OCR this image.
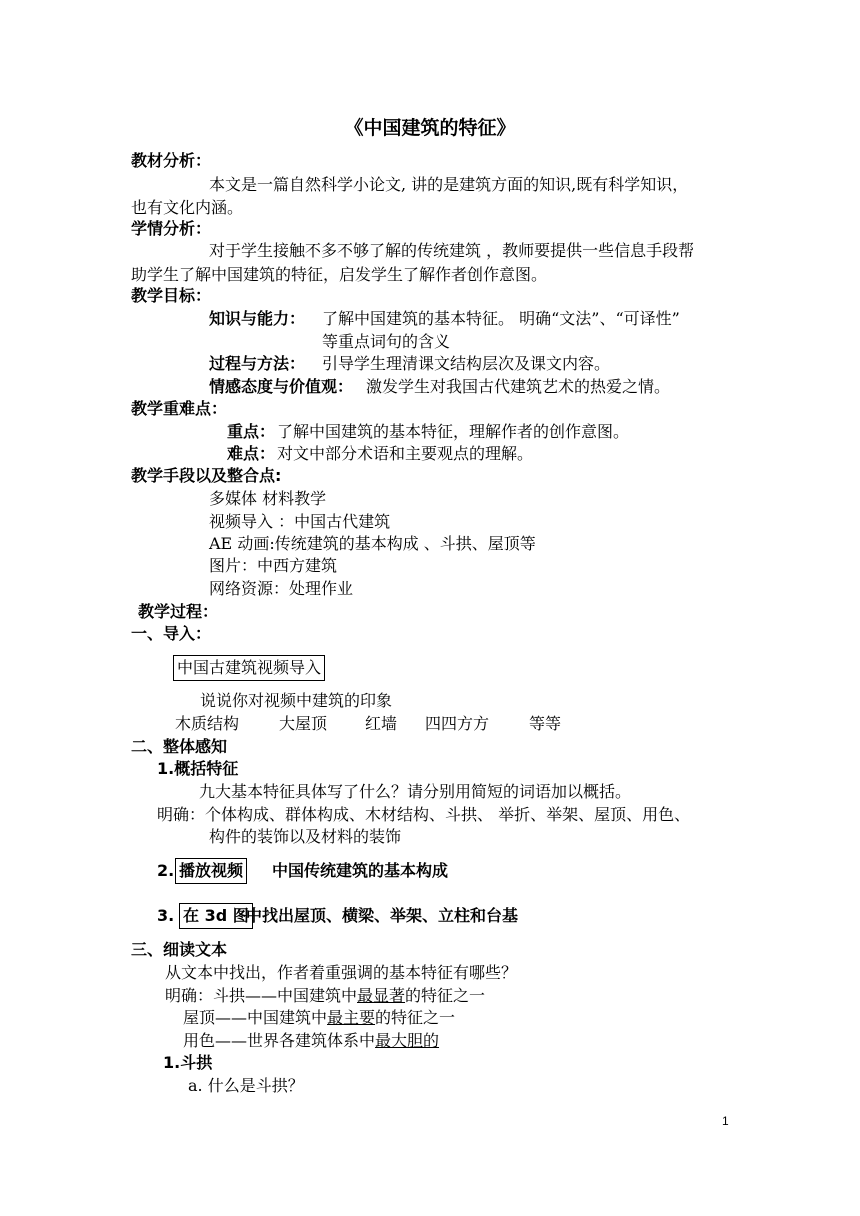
《中国建筑的特征》
教材分析：
本文是一篇自然科学小论文, 讲的是建筑方面的知识,既有科学知识，
也有文化内涵。
学情分析：
对于学生接触不多不够了解的传统建筑 ，教师要提供一些信息手段帮
助学生了解中国建筑的特征，启发学生了解作者创作意图。
教学目标：
知识与能力： 了解中国建筑的基本特征。 明确“文法”、“可译性”
等重点词句的含义
过程与方法： 引导学生理清课文结构层次及课文内容。
情感态度与价值观： 激发学生对我国古代建筑艺术的热爱之情。
教学重难点：
重点： 了解中国建筑的基本特征，理解作者的创作意图。
难点： 对文中部分术语和主要观点的理解。
教学手段以及整合点:
多媒体 材料教学
视频导入 ：中国古代建筑
AE 动画:传统建筑的基本构成 、斗拱、屋顶等
图片：中西方建筑
网络资源：处理作业
教学过程：
一、导入：
中国古建筑视频导入
说说你对视频中建筑的印象
木质结构 大屋顶 红墙 四四方方 等等
二、整体感知
1.概括特征
九大基本特征具体写了什么？请分别用简短的词语加以概括。
明确：个体构成、群体构成、木材结构、斗拱、 举折、举架、屋顶、用色、
构件的装饰以及材料的装饰
2. 播放视频 中国传统建筑的基本构成
3. 在 3d 图
中找出屋顶、横梁、举架、立柱和台基
三、细读文本
从文本中找出，作者着重强调的基本特征有哪些？
明确：斗拱——中国建筑中最显著的特征之一
屋顶——中国建筑中最主要的特征之一
用色——世界各建筑体系中最大胆的
1.斗拱
a. 什么是斗拱？
1
